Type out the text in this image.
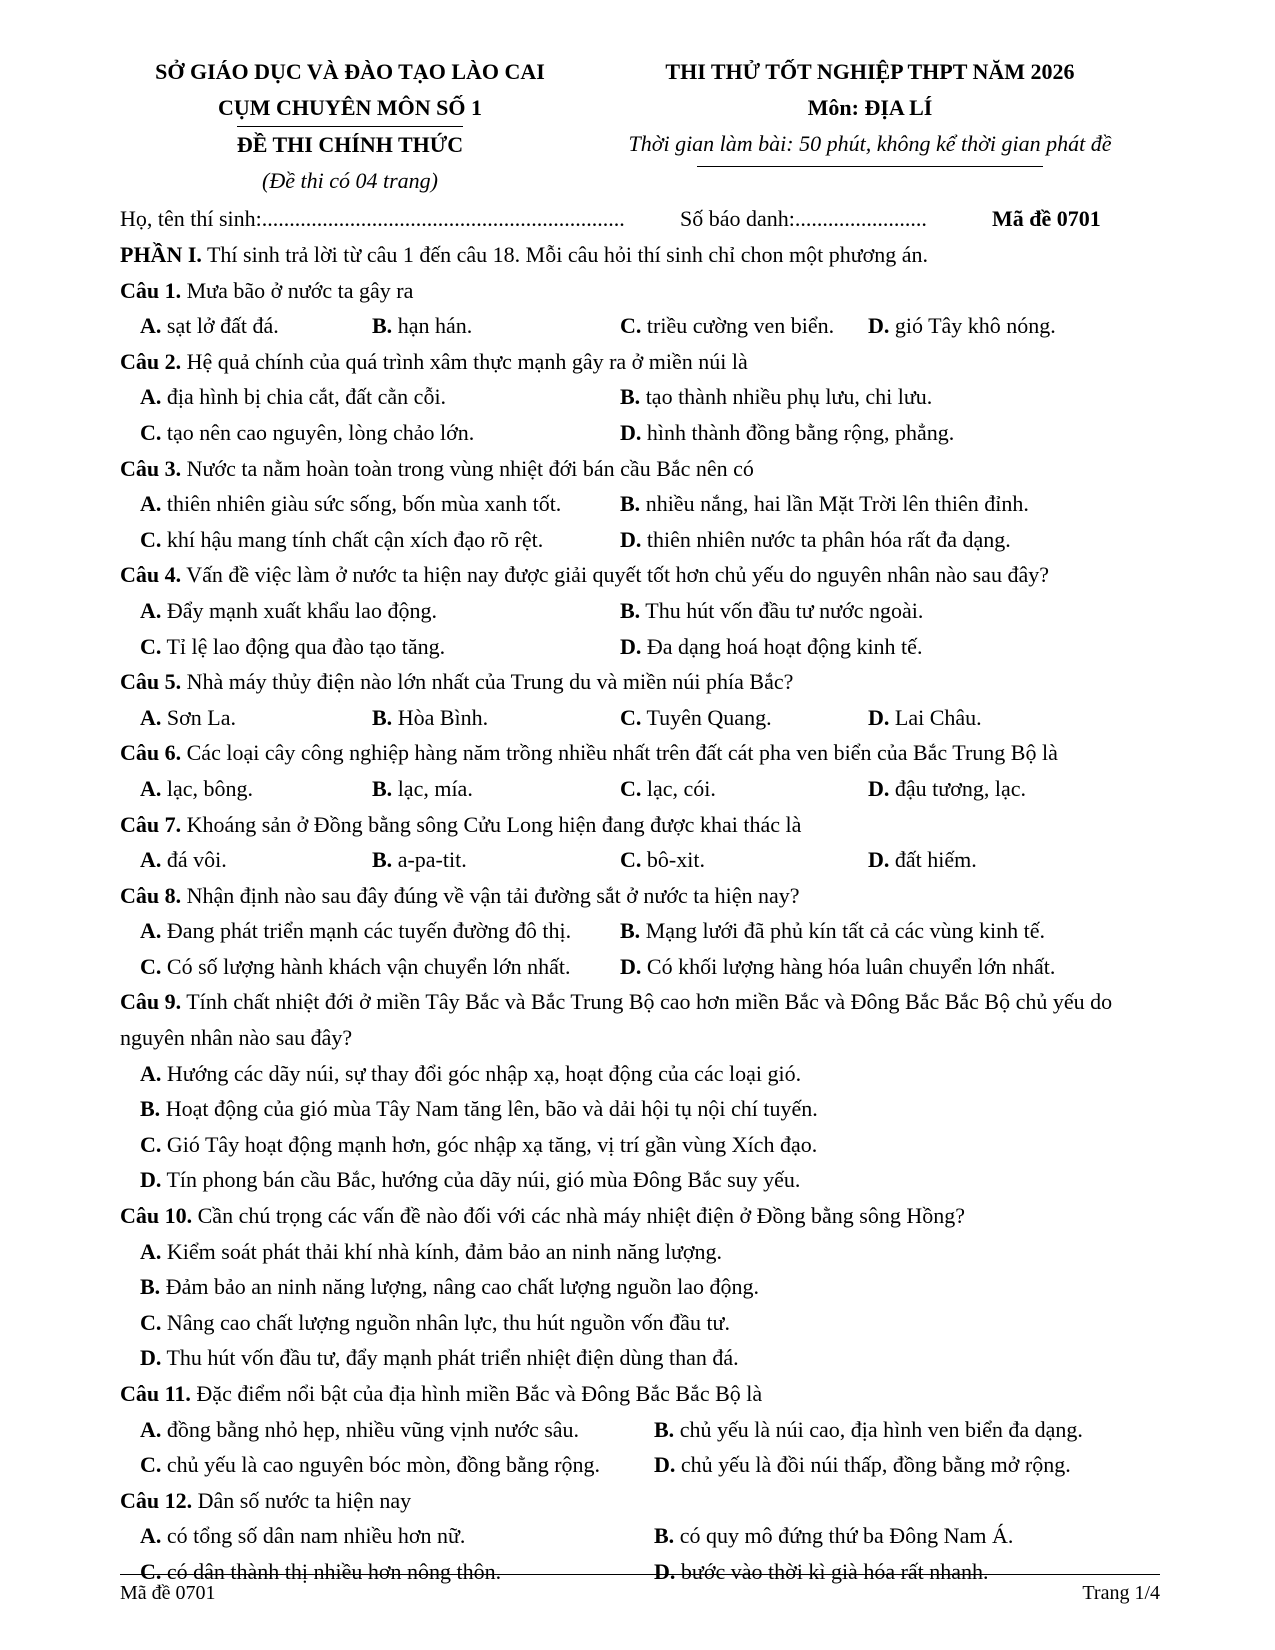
SỞ GIÁO DỤC VÀ ĐÀO TẠO LÀO CAI
CỤM CHUYÊN MÔN SỐ 1
ĐỀ THI CHÍNH THỨC
(Đề thi có 04 trang)
THI THỬ TỐT NGHIỆP THPT NĂM 2026
Môn: ĐỊA LÍ
Thời gian làm bài: 50 phút, không kể thời gian phát đề
Họ, tên thí sinh:..................................................................	Số báo danh:........................	Mã đề 0701
PHẦN I. Thí sinh trả lời từ câu 1 đến câu 18. Mỗi câu hỏi thí sinh chỉ chon một phương án.
Câu 1. Mưa bão ở nước ta gây ra
A. sạt lở đất đá.	B. hạn hán.	C. triều cường ven biển. D. gió Tây khô nóng.
Câu 2. Hệ quả chính của quá trình xâm thực mạnh gây ra ở miền núi là
A. địa hình bị chia cắt, đất cằn cỗi.	B. tạo thành nhiều phụ lưu, chi lưu.
C. tạo nên cao nguyên, lòng chảo lớn.	D. hình thành đồng bằng rộng, phẳng.
Câu 3. Nước ta nằm hoàn toàn trong vùng nhiệt đới bán cầu Bắc nên có
A. thiên nhiên giàu sức sống, bốn mùa xanh tốt.	B. nhiều nắng, hai lần Mặt Trời lên thiên đỉnh.
C. khí hậu mang tính chất cận xích đạo rõ rệt.	D. thiên nhiên nước ta phân hóa rất đa dạng.
Câu 4. Vấn đề việc làm ở nước ta hiện nay được giải quyết tốt hơn chủ yếu do nguyên nhân nào sau đây?
A. Đẩy mạnh xuất khẩu lao động.	B. Thu hút vốn đầu tư nước ngoài.
C. Tỉ lệ lao động qua đào tạo tăng.	D. Đa dạng hoá hoạt động kinh tế.
Câu 5. Nhà máy thủy điện nào lớn nhất của Trung du và miền núi phía Bắc?
A. Sơn La.	B. Hòa Bình.	C. Tuyên Quang.	D. Lai Châu.
Câu 6. Các loại cây công nghiệp hàng năm trồng nhiều nhất trên đất cát pha ven biển của Bắc Trung Bộ là
A. lạc, bông.	B. lạc, mía.	C. lạc, cói.	D. đậu tương, lạc.
Câu 7. Khoáng sản ở Đồng bằng sông Cửu Long hiện đang được khai thác là
A. đá vôi.	B. a-pa-tit.	C. bô-xit.	D. đất hiếm.
Câu 8. Nhận định nào sau đây đúng về vận tải đường sắt ở nước ta hiện nay?
A. Đang phát triển mạnh các tuyến đường đô thị. B. Mạng lưới đã phủ kín tất cả các vùng kinh tế.
C. Có số lượng hành khách vận chuyển lớn nhất. D. Có khối lượng hàng hóa luân chuyển lớn nhất.
Câu 9. Tính chất nhiệt đới ở miền Tây Bắc và Bắc Trung Bộ cao hơn miền Bắc và Đông Bắc Bắc Bộ chủ yếu do nguyên nhân nào sau đây?
A. Hướng các dãy núi, sự thay đổi góc nhập xạ, hoạt động của các loại gió.
B. Hoạt động của gió mùa Tây Nam tăng lên, bão và dải hội tụ nội chí tuyến.
C. Gió Tây hoạt động mạnh hơn, góc nhập xạ tăng, vị trí gần vùng Xích đạo.
D. Tín phong bán cầu Bắc, hướng của dãy núi, gió mùa Đông Bắc suy yếu.
Câu 10. Cần chú trọng các vấn đề nào đối với các nhà máy nhiệt điện ở Đồng bằng sông Hồng?
A. Kiểm soát phát thải khí nhà kính, đảm bảo an ninh năng lượng.
B. Đảm bảo an ninh năng lượng, nâng cao chất lượng nguồn lao động.
C. Nâng cao chất lượng nguồn nhân lực, thu hút nguồn vốn đầu tư.
D. Thu hút vốn đầu tư, đẩy mạnh phát triển nhiệt điện dùng than đá.
Câu 11. Đặc điểm nổi bật của địa hình miền Bắc và Đông Bắc Bắc Bộ là
A. đồng bằng nhỏ hẹp, nhiều vũng vịnh nước sâu.	B. chủ yếu là núi cao, địa hình ven biển đa dạng.
C. chủ yếu là cao nguyên bóc mòn, đồng bằng rộng. D. chủ yếu là đồi núi thấp, đồng bằng mở rộng.
Câu 12. Dân số nước ta hiện nay
A. có tổng số dân nam nhiều hơn nữ.	B. có quy mô đứng thứ ba Đông Nam Á.
C. có dân thành thị nhiều hơn nông thôn.	D. bước vào thời kì già hóa rất nhanh.
Mã đề 0701	Trang 1/4
